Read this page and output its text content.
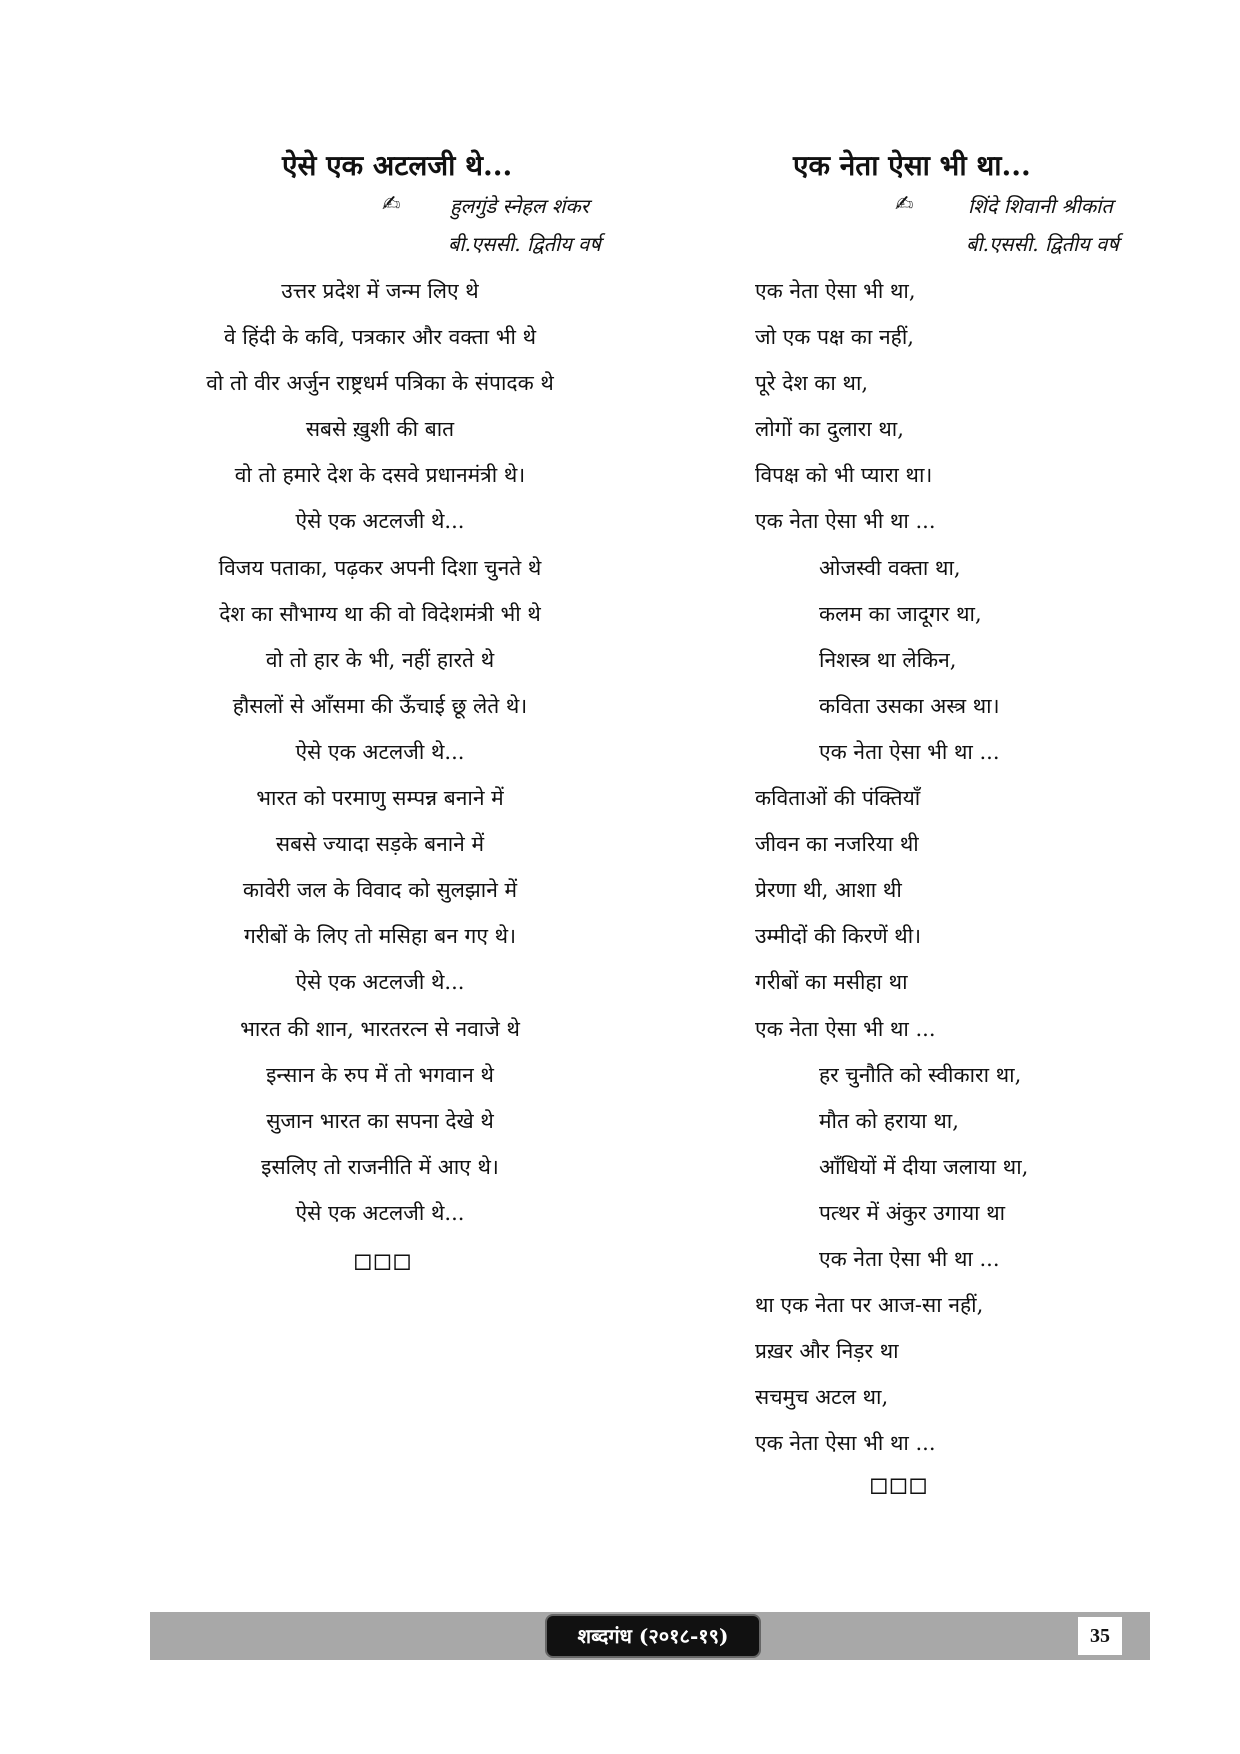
ऐसे एक अटलजी थे...
✍ हुलगुंडे स्नेहल शंकर
बी.एससी. द्वितीय वर्ष
उत्तर प्रदेश में जन्म लिए थे
वे हिंदी के कवि, पत्रकार और वक्ता भी थे
वो तो वीर अर्जुन राष्ट्रधर्म पत्रिका के संपादक थे
सबसे ख़ुशी की बात
वो तो हमारे देश के दसवे प्रधानमंत्री थे।
ऐसे एक अटलजी थे...
विजय पताका, पढ़कर अपनी दिशा चुनते थे
देश का सौभाग्य था की वो विदेशमंत्री भी थे
वो तो हार के भी, नहीं हारते थे
हौसलों से आँसमा की ऊँचाई छू लेते थे।
ऐसे एक अटलजी थे...
भारत को परमाणु सम्पन्न बनाने में
सबसे ज्यादा सड़के बनाने में
कावेरी जल के विवाद को सुलझाने में
गरीबों के लिए तो मसिहा बन गए थे।
ऐसे एक अटलजी थे...
भारत की शान, भारतरत्न से नवाजे थे
इन्सान के रुप में तो भगवान थे
सुजान भारत का सपना देखे थे
इसलिए तो राजनीति में आए थे।
ऐसे एक अटलजी थे...
□□□
एक नेता ऐसा भी था...
✍	शिंदे शिवानी श्रीकांत
बी.एससी. द्वितीय वर्ष
एक नेता ऐसा भी था,
जो एक पक्ष का नहीं,
पूरे देश का था,
लोगों का दुलारा था,
विपक्ष को भी प्यारा था।
एक नेता ऐसा भी था ...
ओजस्वी वक्ता था,
कलम का जादूगर था,
निशस्त्र था लेकिन,
कविता उसका अस्त्र था।
एक नेता ऐसा भी था ...
कविताओं की पंक्तियाँ
जीवन का नजरिया थी
प्रेरणा थी, आशा थी
उम्मीदों की किरणें थी।
गरीबों का मसीहा था
एक नेता ऐसा भी था ...
हर चुनौति को स्वीकारा था,
मौत को हराया था,
आँधियों में दीया जलाया था,
पत्थर में अंकुर उगाया था
एक नेता ऐसा भी था ...
था एक नेता पर आज-सा नहीं,
प्रख़र और निड़र था
सचमुच अटल था,
एक नेता ऐसा भी था ...
□□□
शब्दगंध (२०१८-१९)	35
